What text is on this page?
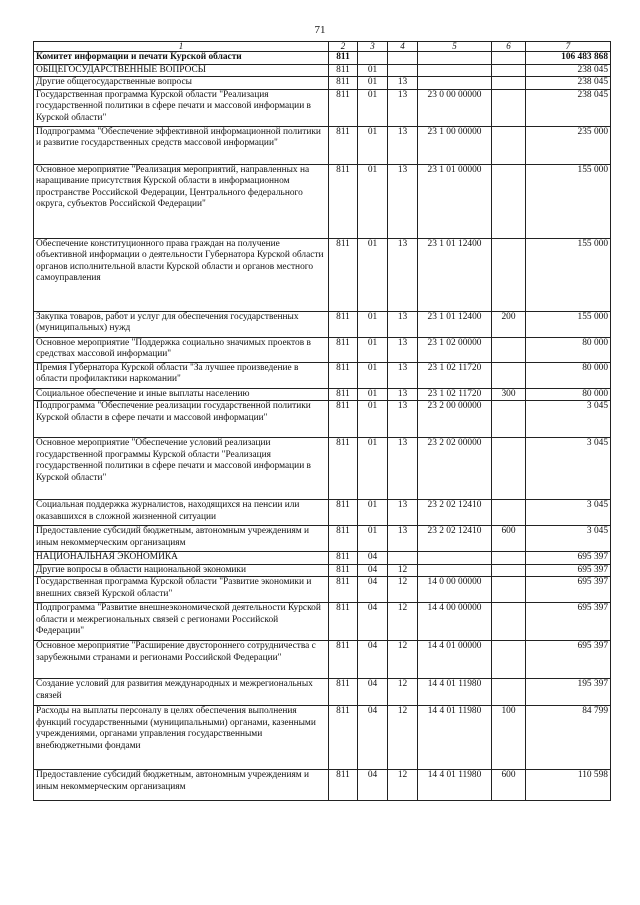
71
1	2	3	4	5	6	7
Комитет информации и печати Курской области	811					106 483 868
ОБЩЕГОСУДАРСТВЕННЫЕ ВОПРОСЫ	811	01				238 045
Другие общегосударственные вопросы	811	01	13			238 045
Государственная программа Курской области "Реализация государственной политики в сфере печати и массовой информации в Курской области"	811	01	13	23 0 00 00000		238 045
Подпрограмма "Обеспечение эффективной информационной политики и развитие государственных средств массовой информации"	811	01	13	23 1 00 00000		235 000
Основное мероприятие "Реализация мероприятий, направленных на наращивание присутствия Курской области в информационном пространстве Российской Федерации, Центрального федерального округа, субъектов Российской Федерации"	811	01	13	23 1 01 00000		155 000
Обеспечение конституционного права граждан на получение объективной информации о деятельности Губернатора Курской области органов исполнительной власти Курской области и органов местного самоуправления	811	01	13	23 1 01 12400		155 000
Закупка товаров, работ и услуг для обеспечения государственных (муниципальных) нужд	811	01	13	23 1 01 12400	200	155 000
Основное мероприятие "Поддержка социально значимых проектов в средствах массовой информации"	811	01	13	23 1 02 00000		80 000
Премия Губернатора Курской области "За лучшее произведение в области профилактики наркомании"	811	01	13	23 1 02 11720		80 000
Социальное обеспечение и иные выплаты населению	811	01	13	23 1 02 11720	300	80 000
Подпрограмма "Обеспечение реализации государственной политики Курской области в сфере печати и массовой информации"	811	01	13	23 2 00 00000		3 045
Основное мероприятие "Обеспечение условий реализации государственной программы Курской области "Реализация государственной политики в сфере печати и массовой информации в Курской области"	811	01	13	23 2 02 00000		3 045
Социальная поддержка журналистов, находящихся на пенсии или оказавшихся в сложной жизненной ситуации	811	01	13	23 2 02 12410		3 045
Предоставление субсидий бюджетным, автономным учреждениям и иным некоммерческим организациям	811	01	13	23 2 02 12410	600	3 045
НАЦИОНАЛЬНАЯ ЭКОНОМИКА	811	04				695 397
Другие вопросы в области национальной экономики	811	04	12			695 397
Государственная программа Курской области "Развитие экономики и внешних связей Курской области"	811	04	12	14 0 00 00000		695 397
Подпрограмма "Развитие внешнеэкономической деятельности Курской области и межрегиональных связей с регионами Российской Федерации"	811	04	12	14 4 00 00000		695 397
Основное мероприятие "Расширение двустороннего сотрудничества с зарубежными странами и регионами Российской Федерации"	811	04	12	14 4 01 00000		695 397
Создание условий для развития международных и межрегиональных связей	811	04	12	14 4 01 11980		195 397
Расходы на выплаты персоналу в целях обеспечения выполнения функций государственными (муниципальными) органами, казенными учреждениями, органами управления государственными внебюджетными фондами	811	04	12	14 4 01 11980	100	84 799
Предоставление субсидий бюджетным, автономным учреждениям и иным некоммерческим организациям	811	04	12	14 4 01 11980	600	110 598
